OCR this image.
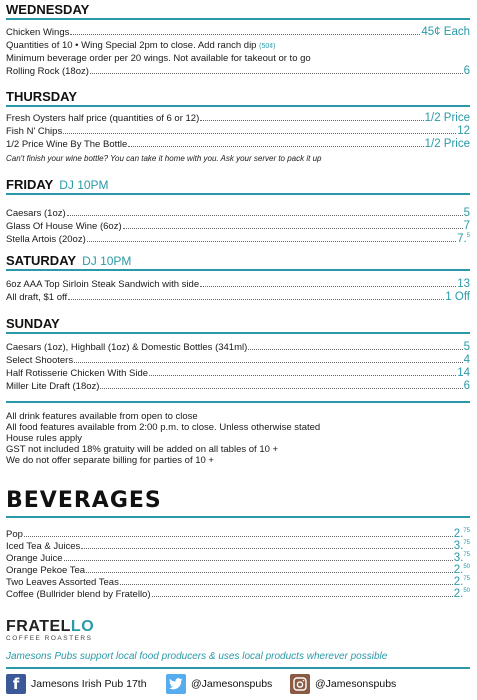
WEDNESDAY
Chicken Wings	45¢ Each
Quantities of 10 • Wing Special 2pm to close. Add ranch dip (50¢)
Minimum beverage order per 20 wings. Not available for takeout or to go
Rolling Rock (18oz)	6
THURSDAY
Fresh Oysters half price (quantities of 6 or 12)	1/2 Price
Fish N' Chips	12
1/2 Price Wine By The Bottle	1/2 Price
Can't finish your wine bottle? You can take it home with you. Ask your server to pack it up
FRIDAY DJ 10PM
Caesars (1oz)	5
Glass Of House Wine (6oz)	7
Stella Artois (20oz)	7.$^5$
SATURDAY DJ 10PM
6oz AAA Top Sirloin Steak Sandwich with side	13
All draft, $1 off	1 Off
SUNDAY
Caesars (1oz), Highball (1oz) & Domestic Bottles (341ml)	5
Select Shooters	4
Half Rotisserie Chicken With Side	14
Miller Lite Draft (18oz)	6
All drink features available from open to close
All food features available from 2:00 p.m. to close. Unless otherwise stated
House rules apply
GST not included 18% gratuity will be added on all tables of 10 +
We do not offer separate billing for parties of 10 +
BEVERAGES
Pop	2.75
Iced Tea & Juices	3.75
Orange Juice	3.75
Orange Pekoe Tea	2.50
Two Leaves Assorted Teas	2.75
Coffee (Bullrider blend by Fratello)	2.50
FRATELLO
COFFEE ROASTERS
Jamesons Pubs support local food producers & uses local products wherever possible
f	Jamesons Irish Pub 17th	@Jamesonspubs	@Jamesonspubs
